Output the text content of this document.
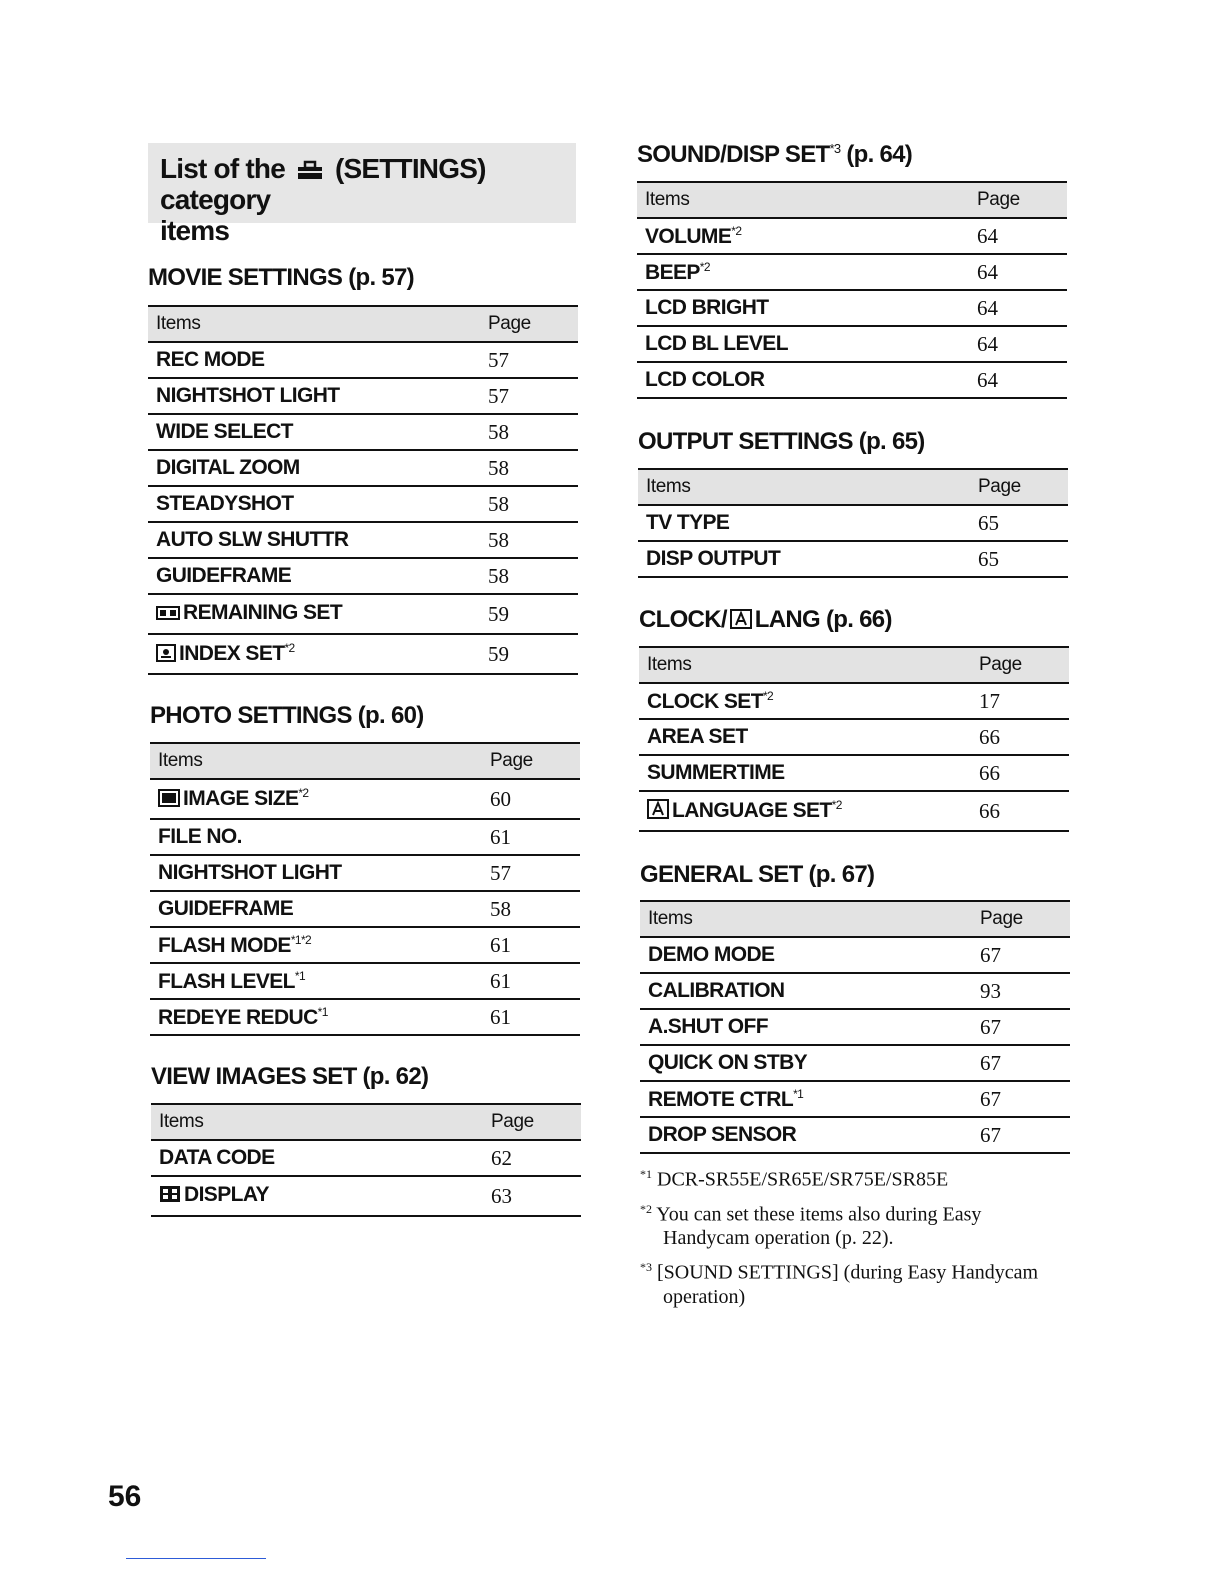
List of the (SETTINGS) category
items
MOVIE SETTINGS (p. 57)
Items	Page
REC MODE	57
NIGHTSHOT LIGHT	57
WIDE SELECT	58
DIGITAL ZOOM	58
STEADYSHOT	58
AUTO SLW SHUTTR	58
GUIDEFRAME	58
REMAINING SET	59
INDEX SET$^{*2}$	59
PHOTO SETTINGS (p. 60)
Items	Page
IMAGE SIZE$^{*2}$	60
FILE NO.	61
NIGHTSHOT LIGHT	57
GUIDEFRAME	58
FLASH $MODE^{*1*2}$	61
FLASH LEVEL$^{*1}$	61
REDEYE REDUC$^{*1}$	61
VIEW IMAGES SET (p. 62)
Items	Page
DATA CODE	62
DISPLAY	63
SOUND/DISP SET$^{*3}$ (p. 64)
Items	Page
VOLUME$^{*2}$	64
BEEP$^{*2}$	64
LCD BRIGHT	64
LCD BL LEVEL	64
LCD COLOR	64
OUTPUT SETTINGS (p. 65)
Items	Page
TV TYPE	65
DISP OUTPUT	65
CLOCK/ LANG (p. 66)
Items	Page
CLOCK SET$^{*2}$	17
AREA SET	66
SUMMERTIME	66
LANGUAGE SET$^{*2}$	66
GENERAL SET (p. 67)
Items	Page
DEMO MODE	67
CALIBRATION	93
A.SHUT OFF	67
QUICK ON STBY	67
REMOTE CTRL$^{*1}$	67
DROP SENSOR	67
$^{*1}$ DCR-SR55E/SR65E/SR75E/SR85E
$^{*2}$ You can set these items also during Easy
Handycam operation (p. 22).
$^{*3}$ [SOUND SETTINGS] (during Easy Handycam
operation)
56
